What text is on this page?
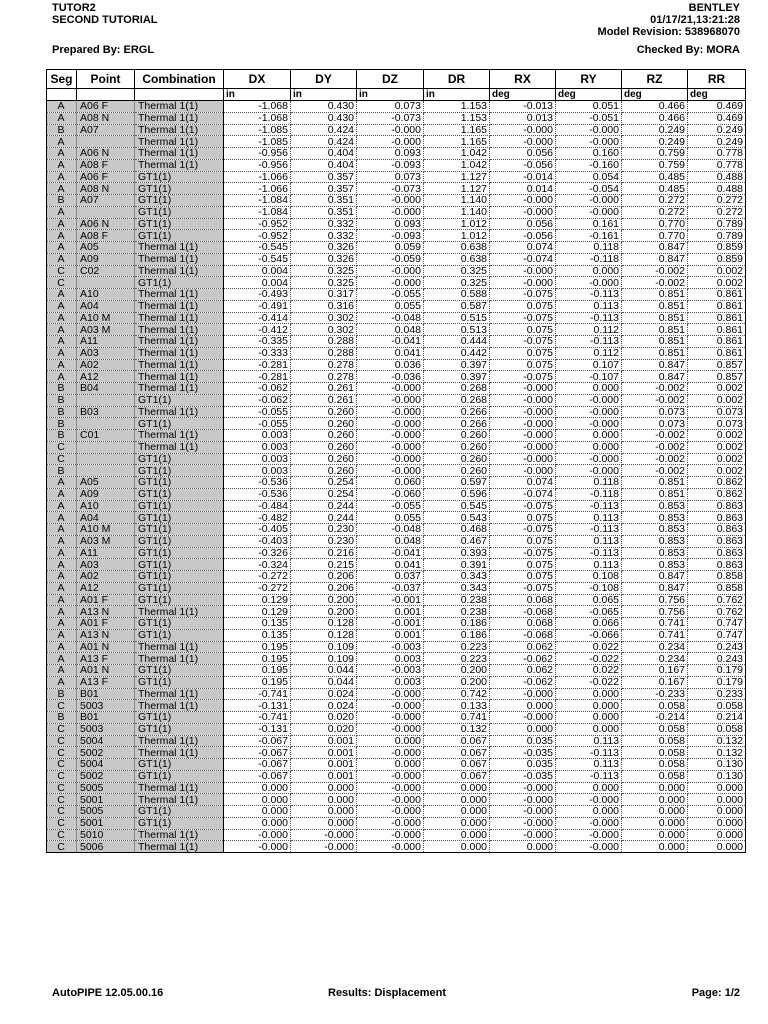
TUTOR2
SECOND TUTORIAL
BENTLEY
01/17/21,13:21:28
Model Revision: 538968070
Prepared By: ERGL	Checked By: MORA
Seg	Point	Combination	DX	DY	DZ	DR	RX	RY	RZ	RR
			in	in	in	in	deg	deg	deg	deg
A	A06 F	Thermal 1(1)	-1.068	0.430	0.073	1.153	-0.013	0.051	0.466	0.469
A	A08 N	Thermal 1(1)	-1.068	0.430	-0.073	1.153	0.013	-0.051	0.466	0.469
B	A07	Thermal 1(1)	-1.085	0.424	-0.000	1.165	-0.000	-0.000	0.249	0.249
A		Thermal 1(1)	-1.085	0.424	-0.000	1.165	-0.000	-0.000	0.249	0.249
A	A06 N	Thermal 1(1)	-0.956	0.404	0.093	1.042	0.056	0.160	0.759	0.778
A	A08 F	Thermal 1(1)	-0.956	0.404	-0.093	1.042	-0.056	-0.160	0.759	0.778
A	A06 F	GT1(1)	-1.066	0.357	0.073	1.127	-0.014	0.054	0.485	0.488
A	A08 N	GT1(1)	-1.066	0.357	-0.073	1.127	0.014	-0.054	0.485	0.488
B	A07	GT1(1)	-1.084	0.351	-0.000	1.140	-0.000	-0.000	0.272	0.272
A		GT1(1)	-1.084	0.351	-0.000	1.140	-0.000	-0.000	0.272	0.272
A	A06 N	GT1(1)	-0.952	0.332	0.093	1.012	0.056	0.161	0.770	0.789
A	A08 F	GT1(1)	-0.952	0.332	-0.093	1.012	-0.056	-0.161	0.770	0.789
A	A05	Thermal 1(1)	-0.545	0.326	0.059	0.638	0.074	0.118	0.847	0.859
A	A09	Thermal 1(1)	-0.545	0.326	-0.059	0.638	-0.074	-0.118	0.847	0.859
C	C02	Thermal 1(1)	0.004	0.325	-0.000	0.325	-0.000	0.000	-0.002	0.002
C		GT1(1)	0.004	0.325	-0.000	0.325	-0.000	-0.000	-0.002	0.002
A	A10	Thermal 1(1)	-0.493	0.317	-0.055	0.588	-0.075	-0.113	0.851	0.861
A	A04	Thermal 1(1)	-0.491	0.316	0.055	0.587	0.075	0.113	0.851	0.861
A	A10 M	Thermal 1(1)	-0.414	0.302	-0.048	0.515	-0.075	-0.113	0.851	0.861
A	A03 M	Thermal 1(1)	-0.412	0.302	0.048	0.513	0.075	0.112	0.851	0.861
A	A11	Thermal 1(1)	-0.335	0.288	-0.041	0.444	-0.075	-0.113	0.851	0.861
A	A03	Thermal 1(1)	-0.333	0.288	0.041	0.442	0.075	0.112	0.851	0.861
A	A02	Thermal 1(1)	-0.281	0.278	0.036	0.397	0.075	0.107	0.847	0.857
A	A12	Thermal 1(1)	-0.281	0.278	-0.036	0.397	-0.075	-0.107	0.847	0.857
B	B04	Thermal 1(1)	-0.062	0.261	-0.000	0.268	-0.000	0.000	-0.002	0.002
B		GT1(1)	-0.062	0.261	-0.000	0.268	-0.000	-0.000	-0.002	0.002
B	B03	Thermal 1(1)	-0.055	0.260	-0.000	0.266	-0.000	-0.000	0.073	0.073
B		GT1(1)	-0.055	0.260	-0.000	0.266	-0.000	-0.000	0.073	0.073
B	C01	Thermal 1(1)	0.003	0.260	-0.000	0.260	-0.000	0.000	-0.002	0.002
C		Thermal 1(1)	0.003	0.260	-0.000	0.260	-0.000	0.000	-0.002	0.002
C		GT1(1)	0.003	0.260	-0.000	0.260	-0.000	-0.000	-0.002	0.002
B		GT1(1)	0.003	0.260	-0.000	0.260	-0.000	-0.000	-0.002	0.002
A	A05	GT1(1)	-0.536	0.254	0.060	0.597	0.074	0.118	0.851	0.862
A	A09	GT1(1)	-0.536	0.254	-0.060	0.596	-0.074	-0.118	0.851	0.862
A	A10	GT1(1)	-0.484	0.244	-0.055	0.545	-0.075	-0.113	0.853	0.863
A	A04	GT1(1)	-0.482	0.244	0.055	0.543	0.075	0.113	0.853	0.863
A	A10 M	GT1(1)	-0.405	0.230	-0.048	0.468	-0.075	-0.113	0.853	0.863
A	A03 M	GT1(1)	-0.403	0.230	0.048	0.467	0.075	0.113	0.853	0.863
A	A11	GT1(1)	-0.326	0.216	-0.041	0.393	-0.075	-0.113	0.853	0.863
A	A03	GT1(1)	-0.324	0.215	0.041	0.391	0.075	0.113	0.853	0.863
A	A02	GT1(1)	-0.272	0.206	0.037	0.343	0.075	0.108	0.847	0.858
A	A12	GT1(1)	-0.272	0.206	-0.037	0.343	-0.075	-0.108	0.847	0.858
A	A01 F	GT1(1)	0.129	0.200	-0.001	0.238	0.068	0.065	0.756	0.762
A	A13 N	Thermal 1(1)	0.129	0.200	0.001	0.238	-0.068	-0.065	0.756	0.762
A	A01 F	GT1(1)	0.135	0.128	-0.001	0.186	0.068	0.066	0.741	0.747
A	A13 N	GT1(1)	0.135	0.128	0.001	0.186	-0.068	-0.066	0.741	0.747
A	A01 N	Thermal 1(1)	0.195	0.109	-0.003	0.223	0.062	0.022	0.234	0.243
A	A13 F	Thermal 1(1)	0.195	0.109	0.003	0.223	-0.062	-0.022	0.234	0.243
A	A01 N	GT1(1)	0.195	0.044	-0.003	0.200	0.062	0.022	0.167	0.179
A	A13 F	GT1(1)	0.195	0.044	0.003	0.200	-0.062	-0.022	0.167	0.179
B	B01	Thermal 1(1)	-0.741	0.024	-0.000	0.742	-0.000	0.000	-0.233	0.233
C	5003	Thermal 1(1)	-0.131	0.024	-0.000	0.133	0.000	0.000	0.058	0.058
B	B01	GT1(1)	-0.741	0.020	-0.000	0.741	-0.000	0.000	-0.214	0.214
C	5003	GT1(1)	-0.131	0.020	-0.000	0.132	0.000	0.000	0.058	0.058
C	5004	Thermal 1(1)	-0.067	0.001	0.000	0.067	0.035	0.113	0.058	0.132
C	5002	Thermal 1(1)	-0.067	0.001	-0.000	0.067	-0.035	-0.113	0.058	0.132
C	5004	GT1(1)	-0.067	0.001	0.000	0.067	0.035	0.113	0.058	0.130
C	5002	GT1(1)	-0.067	0.001	-0.000	0.067	-0.035	-0.113	0.058	0.130
C	5005	Thermal 1(1)	0.000	0.000	-0.000	0.000	-0.000	0.000	0.000	0.000
C	5001	Thermal 1(1)	0.000	0.000	-0.000	0.000	-0.000	-0.000	0.000	0.000
C	5005	GT1(1)	0.000	0.000	-0.000	0.000	-0.000	0.000	0.000	0.000
C	5001	GT1(1)	0.000	0.000	-0.000	0.000	-0.000	-0.000	0.000	0.000
C	5010	Thermal 1(1)	-0.000	-0.000	-0.000	0.000	-0.000	-0.000	0.000	0.000
C	5006	Thermal 1(1)	-0.000	-0.000	-0.000	0.000	0.000	-0.000	0.000	0.000
AutoPIPE 12.05.00.16	Results: Displacement	Page: 1/2
